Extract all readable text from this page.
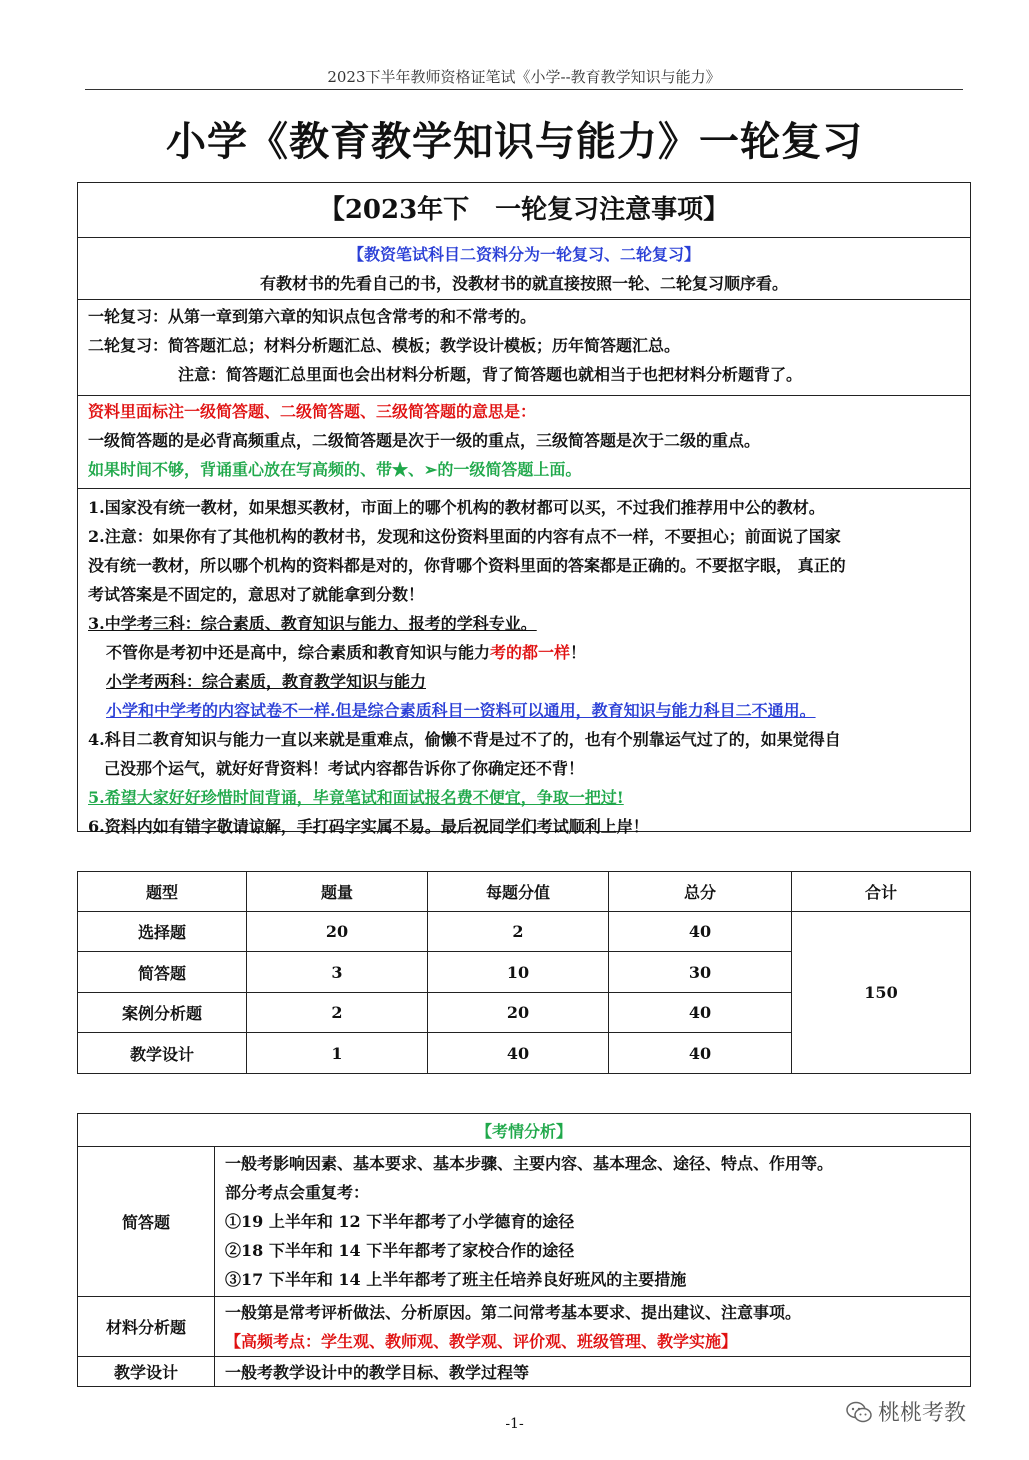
2023下半年教师资格证笔试《小学--教育教学知识与能力》
小学《教育教学知识与能力》一轮复习
【2023年下　一轮复习注意事项】
【教资笔试科目二资料分为一轮复习、二轮复习】
有教材书的先看自己的书，没教材书的就直接按照一轮、二轮复习顺序看。
一轮复习：从第一章到第六章的知识点包含常考的和不常考的。
二轮复习：简答题汇总；材料分析题汇总、模板；教学设计模板；历年简答题汇总。
注意：简答题汇总里面也会出材料分析题，背了简答题也就相当于也把材料分析题背了。
资料里面标注一级简答题、二级简答题、三级简答题的意思是：
一级简答题的是必背高频重点，二级简答题是次于一级的重点，三级简答题是次于二级的重点。
如果时间不够，背诵重心放在写高频的、带★、➢的一级简答题上面。
1.国家没有统一教材，如果想买教材，市面上的哪个机构的教材都可以买，不过我们推荐用中公的教材。
2.注意：如果你有了其他机构的教材书，发现和这份资料里面的内容有点不一样，不要担心；前面说了国家
没有统一教材，所以哪个机构的资料都是对的，你背哪个资料里面的答案都是正确的。不要抠字眼， 真正的
考试答案是不固定的，意思对了就能拿到分数！
3.中学考三科：综合素质、教育知识与能力、报考的学科专业。
不管你是考初中还是高中，综合素质和教育知识与能力考的都一样！
小学考两科：综合素质，教育教学知识与能力
小学和中学考的内容试卷不一样.但是综合素质科目一资料可以通用，教育知识与能力科目二不通用。
4.科目二教育知识与能力一直以来就是重难点，偷懒不背是过不了的，也有个别靠运气过了的，如果觉得自
己没那个运气，就好好背资料！考试内容都告诉你了你确定还不背！
5.希望大家好好珍惜时间背诵，毕竟笔试和面试报名费不便宜，争取一把过!
6.资料内如有错字敬请谅解，手打码字实属不易。最后祝同学们考试顺利上岸！
题型	题量	每题分值	总分	合计
选择题	20	2	40	150
简答题	3	10	30	
案例分析题	2	20	40	
教学设计	1	40	40	
【考情分析】	
简答题	一般考影响因素、基本要求、基本步骤、主要内容、基本理念、途径、特点、作用等。
部分考点会重复考：
①19 上半年和 12 下半年都考了小学德育的途径
②18 下半年和 14 下半年都考了家校合作的途径
③17 下半年和 14 上半年都考了班主任培养良好班风的主要措施

材料分析题	一般第是常考评析做法、分析原因。第二问常考基本要求、提出建议、注意事项。
【高频考点：学生观、教师观、教学观、评价观、班级管理、教学实施】

教学设计	一般考教学设计中的教学目标、教学过程等
-1-	桃桃考教
